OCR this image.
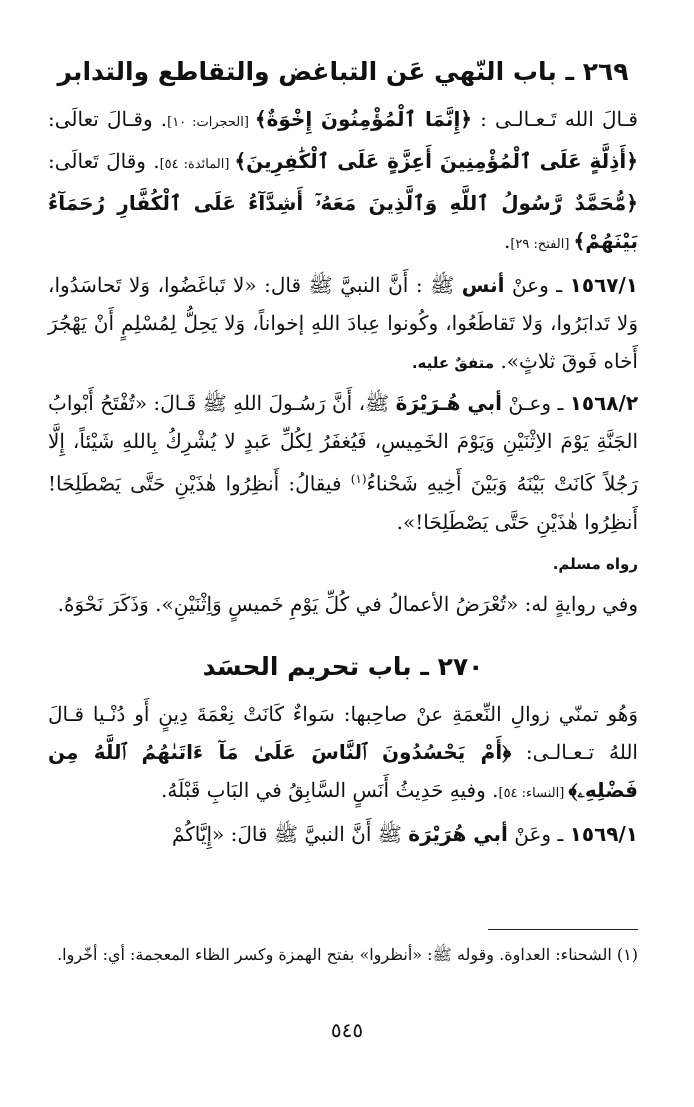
٢٦٩ ـ باب النّهي عَن التباغض والتقاطع والتدابر

قـالَ الله تَـعـالـى : ﴿إِنَّمَا ٱلْمُؤْمِنُونَ إِخْوَةٌ﴾ [الحجرات: ١٠]. وقـالَ تعالَى: ﴿أَذِلَّةٍ عَلَى ٱلْمُؤْمِنِينَ أَعِزَّةٍ عَلَى ٱلْكَٰفِرِينَ﴾ [المائدة: ٥٤]. وقالَ تَعالَى: ﴿مُّحَمَّدٌ رَّسُولُ ٱللَّهِ وَٱلَّذِينَ مَعَهُۥٓ أَشِدَّآءُ عَلَى ٱلْكُفَّارِ رُحَمَآءُ بَيْنَهُمْ﴾ [الفتح: ٢٩].

١٥٦٧/١ ـ وعنْ أنس ﷺ : أَنَّ النبيَّ ﷺ قال: «لا تَباغَضُوا، وَلا تَحاسَدُوا، وَلا تَدابَرُوا، وَلا تَقاطَعُوا، وكُونوا عِبادَ اللهِ إخواناً، وَلا يَحِلُّ لِمُسْلِمٍ أَنْ يَهْجُرَ أَخاه فَوقَ ثلاثٍ». متفقٌ عليه.

١٥٦٨/٢ ـ وعـنْ أبي هُـرَيْرَةَ ﷺ، أَنَّ رَسُـولَ اللهِ ﷺ قَـالَ: «تُفْتَحُ أَبْوابُ الجَنَّةِ يَوْمَ الاِثْنَيْنِ وَيَوْمَ الخَمِيسِ، فَيُغفَرُ لِكُلِّ عَبدٍ لا يُشْرِكُ بِاللهِ شَيْئاً، إِلَّا رَجُلاً كَانَتْ بَيْنَهُ وَبَيْنَ أَخِيهِ شَحْناءُ$^{(١)}$ فيقالُ: أَنظِرُوا هٰذَيْنِ حَتَّى يَصْطَلِحَا! أَنظِرُوا هٰذَيْنِ حَتَّى يَصْطَلِحَا!».

رواه مسلم.

وفي روايةٍ له: «تُعْرَضُ الأعمالُ في كُلِّ يَوْمِ خَميسٍ وَاِثْنَيْنِ». وَذَكَرَ نَحْوَهُ.

٢٧٠ ـ باب تحريم الحسَد

وَهُو تمنّي زوالِ النِّعمَةِ عنْ صاحِبها: سَواءٌ كَانَتْ نِعْمَةَ دِينٍ أَو دُنْـيا قـالَ اللهُ تـعـالـى: ﴿أَمْ يَحْسُدُونَ ٱلنَّاسَ عَلَىٰ مَآ ءَاتَىٰهُمُ ٱللَّهُ مِن فَضْلِهِۦ﴾ [النساء: ٥٤]. وفيهِ حَدِيثُ أَنَسٍ السَّابِقُ في البَابِ قَبْلَهُ.

١٥٦٩/١ ـ وعَنْ أبي هُرَيْرَة ﷺ أَنَّ النبيَّ ﷺ قالَ: «إِيَّاكُمْ

(١) الشحناء: العداوة. وقوله ﷺ: «أنظروا» بفتح الهمزة وكسر الظاء المعجمة: أي: أخّروا.
٥٤٥
